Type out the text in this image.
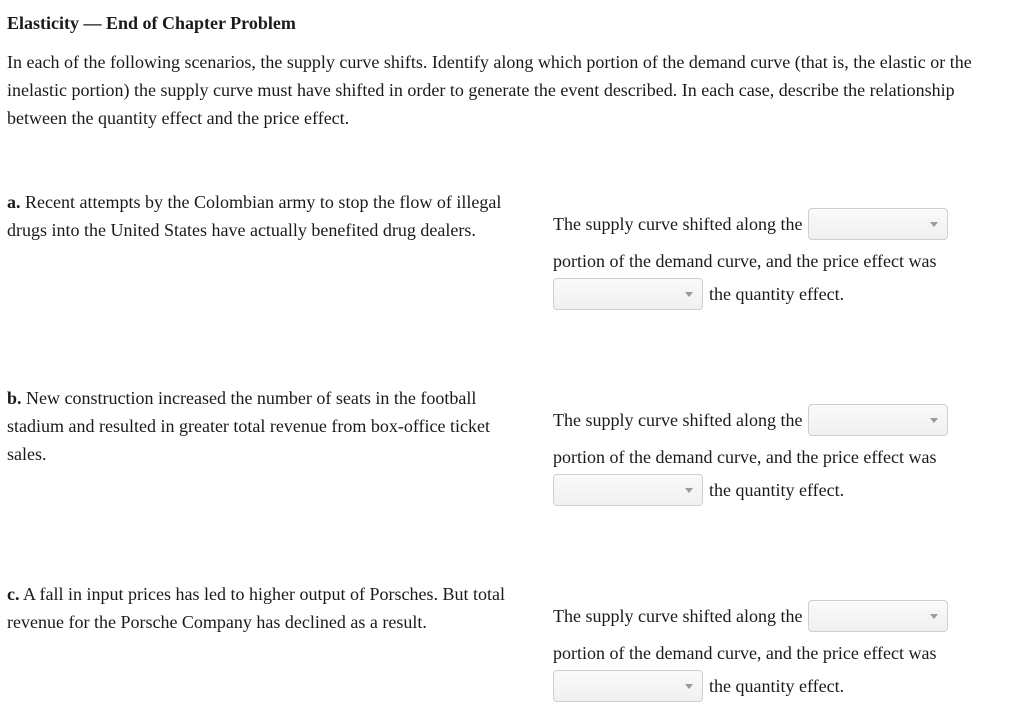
Elasticity — End of Chapter Problem
In each of the following scenarios, the supply curve shifts. Identify along which portion of the demand curve (that is, the elastic or the inelastic portion) the supply curve must have shifted in order to generate the event described. In each case, describe the relationship between the quantity effect and the price effect.
a. Recent attempts by the Colombian army to stop the flow of illegal drugs into the United States have actually benefited drug dealers.	The supply curve shifted along the
portion of the demand curve, and the price effect was
the quantity effect.
b. New construction increased the number of seats in the football stadium and resulted in greater total revenue from box-office ticket sales.
The supply curve shifted along the
portion of the demand curve, and the price effect was
the quantity effect.
c. A fall in input prices has led to higher output of Porsches. But total revenue for the Porsche Company has declined as a result.	The supply curve shifted along the
portion of the demand curve, and the price effect was
the quantity effect.
